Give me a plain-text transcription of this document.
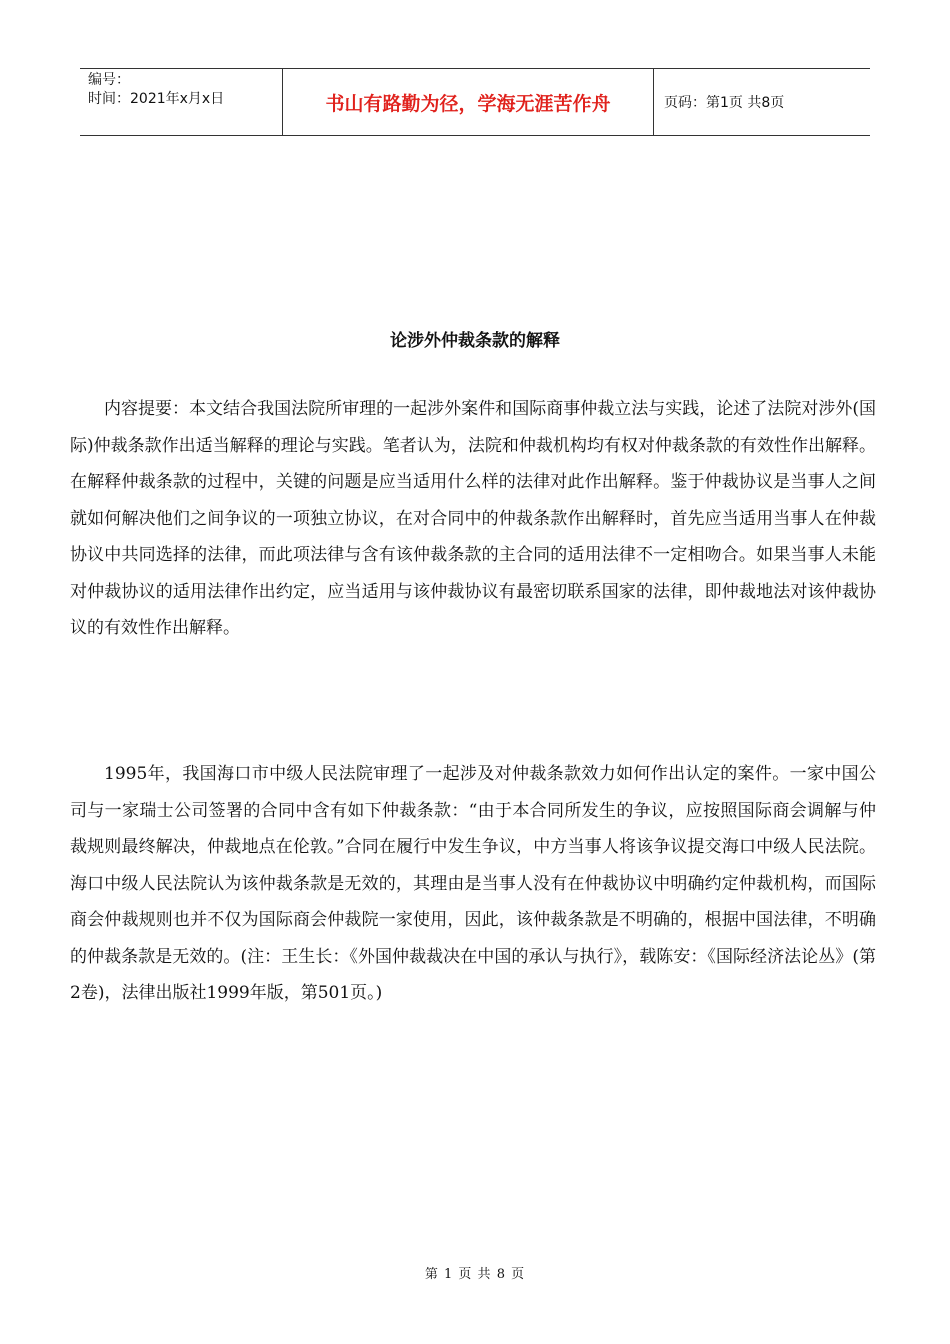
编号：
时间：2021年x月x日	书山有路勤为径，学海无涯苦作舟	页码：第1页 共8页
论涉外仲裁条款的解释

内容提要：本文结合我国法院所审理的一起涉外案件和国际商事仲裁立法与实践，论述了法院对涉外(国际)仲裁条款作出适当解释的理论与实践。笔者认为，法院和仲裁机构均有权对仲裁条款的有效性作出解释。在解释仲裁条款的过程中，关键的问题是应当适用什么样的法律对此作出解释。鉴于仲裁协议是当事人之间就如何解决他们之间争议的一项独立协议，在对合同中的仲裁条款作出解释时，首先应当适用当事人在仲裁协议中共同选择的法律，而此项法律与含有该仲裁条款的主合同的适用法律不一定相吻合。如果当事人未能对仲裁协议的适用法律作出约定，应当适用与该仲裁协议有最密切联系国家的法律，即仲裁地法对该仲裁协议的有效性作出解释。

1995年，我国海口市中级人民法院审理了一起涉及对仲裁条款效力如何作出认定的案件。一家中国公司与一家瑞士公司签署的合同中含有如下仲裁条款：“由于本合同所发生的争议，应按照国际商会调解与仲裁规则最终解决，仲裁地点在伦敦。”合同在履行中发生争议，中方当事人将该争议提交海口中级人民法院。海口中级人民法院认为该仲裁条款是无效的，其理由是当事人没有在仲裁协议中明确约定仲裁机构，而国际商会仲裁规则也并不仅为国际商会仲裁院一家使用，因此，该仲裁条款是不明确的，根据中国法律，不明确的仲裁条款是无效的。(注：王生长：《外国仲裁裁决在中国的承认与执行》，载陈安：《国际经济法论丛》(第2卷)，法律出版社1999年版，第501页。)

第 1 页 共 8 页
